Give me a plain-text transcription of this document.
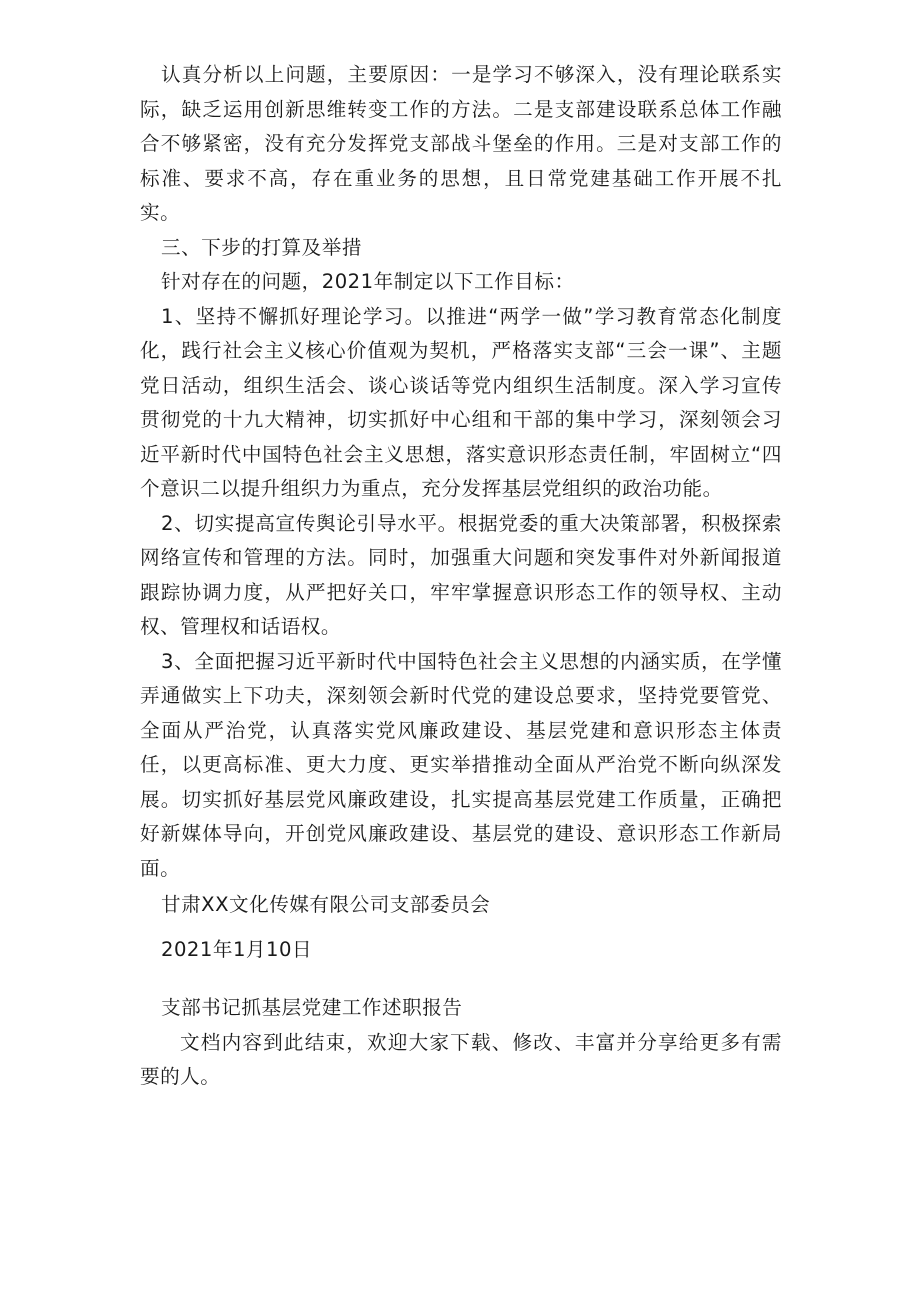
认真分析以上问题，主要原因：一是学习不够深入，没有理论联系实际，缺乏运用创新思维转变工作的方法。二是支部建设联系总体工作融合不够紧密，没有充分发挥党支部战斗堡垒的作用。三是对支部工作的标准、要求不高，存在重业务的思想，且日常党建基础工作开展不扎实。

三、下步的打算及举措

针对存在的问题，2021年制定以下工作目标：

1、坚持不懈抓好理论学习。以推进“两学一做”学习教育常态化制度化，践行社会主义核心价值观为契机，严格落实支部“三会一课”、主题党日活动，组织生活会、谈心谈话等党内组织生活制度。深入学习宣传贯彻党的十九大精神，切实抓好中心组和干部的集中学习，深刻领会习近平新时代中国特色社会主义思想，落实意识形态责任制，牢固树立“四个意识二以提升组织力为重点，充分发挥基层党组织的政治功能。

2、切实提高宣传舆论引导水平。根据党委的重大决策部署，积极探索网络宣传和管理的方法。同时，加强重大问题和突发事件对外新闻报道跟踪协调力度，从严把好关口，牢牢掌握意识形态工作的领导权、主动权、管理权和话语权。

3、全面把握习近平新时代中国特色社会主义思想的内涵实质，在学懂弄通做实上下功夫，深刻领会新时代党的建设总要求，坚持党要管党、全面从严治党，认真落实党风廉政建设、基层党建和意识形态主体责任，以更高标准、更大力度、更实举措推动全面从严治党不断向纵深发展。切实抓好基层党风廉政建设，扎实提高基层党建工作质量，正确把好新媒体导向，开创党风廉政建设、基层党的建设、意识形态工作新局面。

甘肃XX文化传媒有限公司支部委员会

2021年1月10日

支部书记抓基层党建工作述职报告

文档内容到此结束，欢迎大家下载、修改、丰富并分享给更多有需要的人。
